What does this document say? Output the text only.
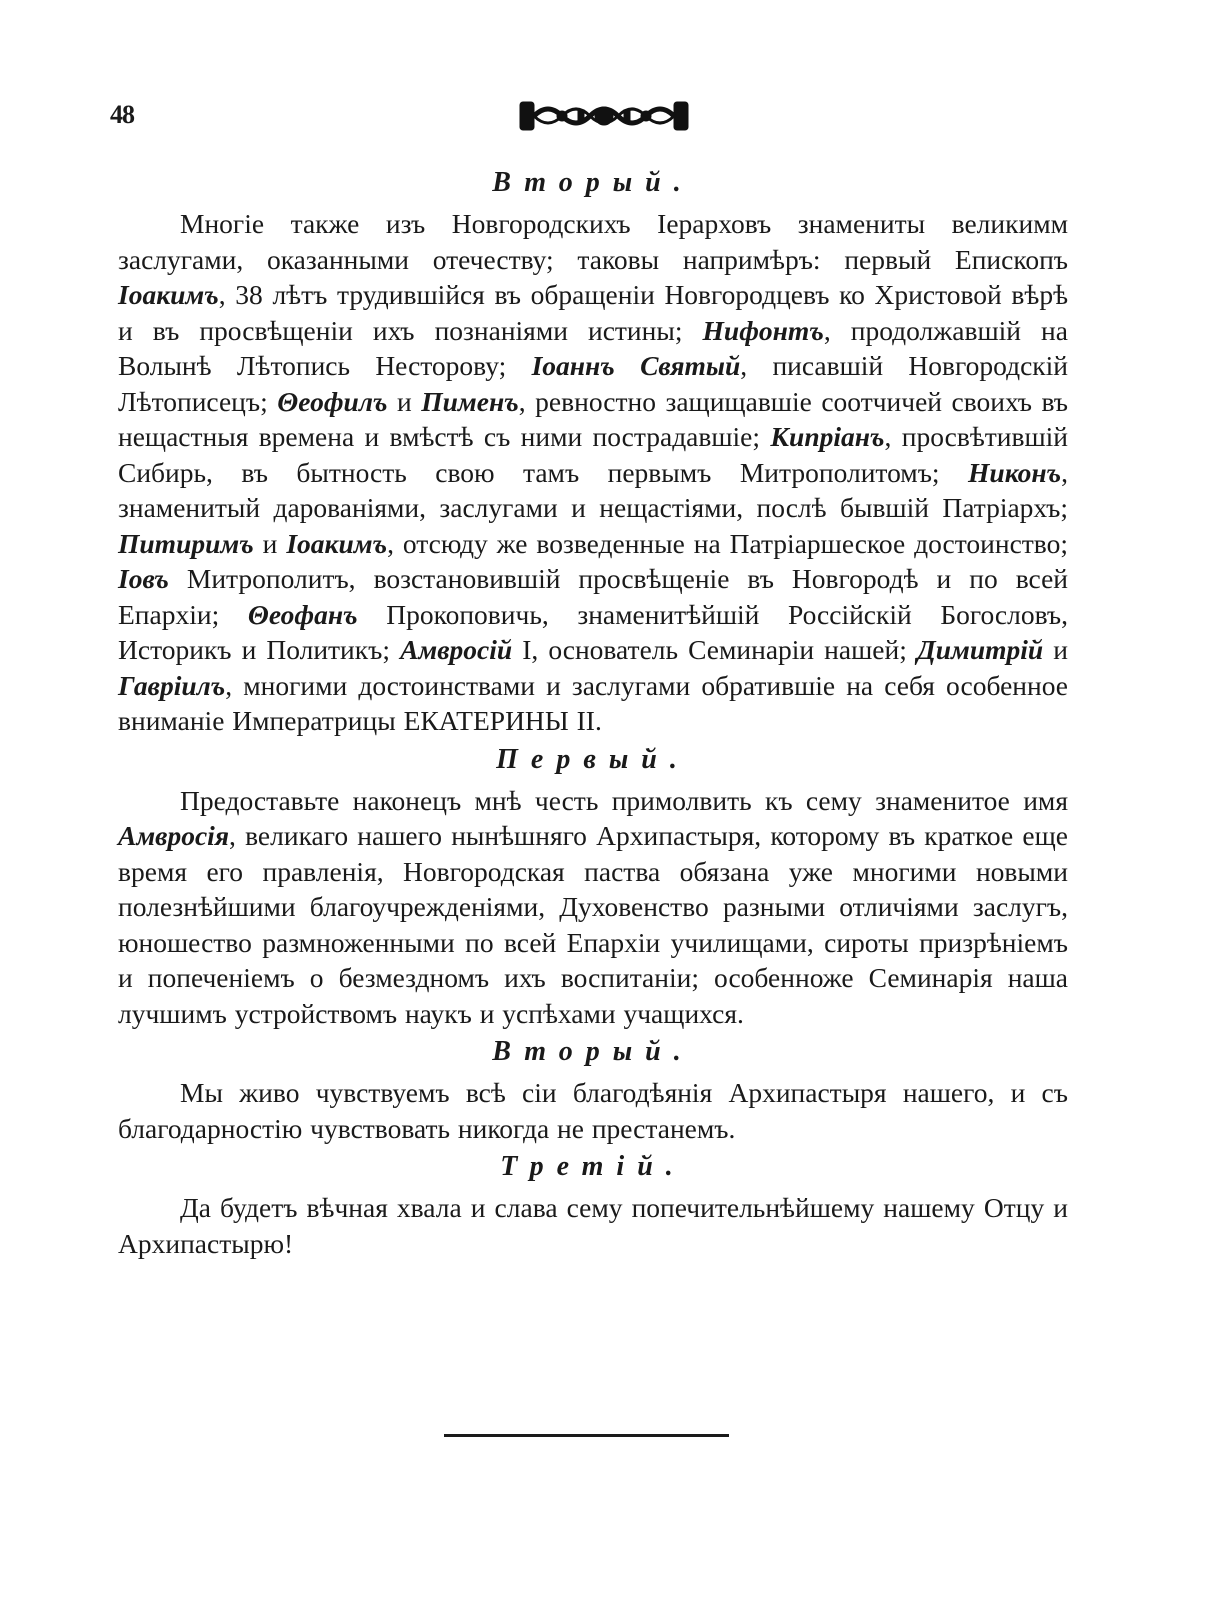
48
Вторый.

Многie также изъ Новгородскихъ Iерарховъ знамениты великимм заслугами, оказанными отечеству; таковы напримѣръ: первый Епископъ Iоакимъ, 38 лѣтъ трудившiйся въ обращенiи Новгородцевъ ко Христовой вѣрѣ и въ просвѣщенiи ихъ познанiями истины; Нифонтъ, продолжавшiй на Волынѣ Лѣтопись Несторову; Iоаннъ Святый, писавшiй Новгородскiй Лѣтописецъ; Θеофилъ и Пименъ, ревностно защищавшiе соотчичей своихъ въ нещастныя времена и вмѣстѣ съ ними пострадавшiе; Кипрiанъ, просвѣтившiй Сибирь, въ бытность свою тамъ первымъ Митрополитомъ; Никонъ, знаменитый дарованiями, заслугами и нещастiями, послѣ бывшiй Патрiархъ; Питиримъ и Iоакимъ, отсюду же возведенные на Патрiаршеское достоинство; Iовъ Митрополитъ, возстановившiй просвѣщенiе въ Новгородѣ и по всей Епархiи; Θеофанъ Прокоповичь, знаменитѣйшiй Россiйскiй Богословъ, Историкъ и Политикъ; Амвросiй I, основатель Семинарiи нашей; Димитрiй и Гаврiилъ, многими достоинствами и заслугами обратившiе на себя особенное вниманiе Императрицы ЕКАТЕРИНЫ II.

Первый.

Предоставьте наконецъ мнѣ честь примолвить къ сему знаменитое имя Амвросiя, великаго нашего нынѣшняго Архипастыря, которому въ краткое еще время его правленiя, Новгородская паства обязана уже многими новыми полезнѣйшими благоучрежденiями, Духовенство разными отличiями заслугъ, юношество размноженными по всей Епархiи училищами, сироты призрѣнiемъ и попеченiемъ о безмездномъ ихъ воспитанiи; особенноже Семинарiя наша лучшимъ устройствомъ наукъ и успѣхами учащихся.

Вторый.

Мы живо чувствуемъ всѣ сiи благодѣянiя Архипастыря нашего, и съ благодарностiю чувствовать никогда не престанемъ.

Третiй.

Да будетъ вѣчная хвала и слава сему попечительнѣйшему нашему Отцу и Архипастырю!
